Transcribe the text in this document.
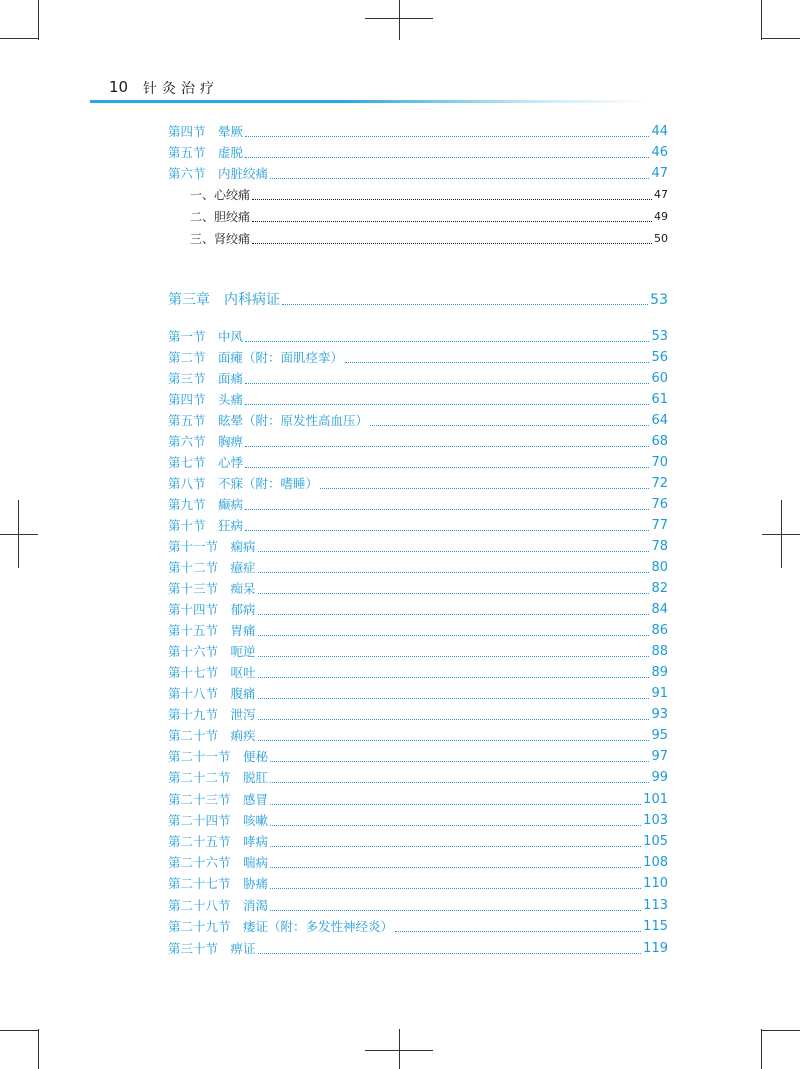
10 针灸治疗
第四节　晕厥	44
第五节　虚脱	46
第六节　内脏绞痛	47
一、心绞痛	47
二、胆绞痛	49
三、肾绞痛	50
第三章　内科病证	53
第一节　中风	53
第二节　面瘫（附：面肌痉挛）	56
第三节　面痛	60
第四节　头痛	61
第五节　眩晕（附：原发性高血压）	64
第六节　胸痹	68
第七节　心悸	70
第八节　不寐（附：嗜睡）	72
第九节　癫病	76
第十节　狂病	77
第十一节　痫病	78
第十二节　癔症	80
第十三节　痴呆	82
第十四节　郁病	84
第十五节　胃痛	86
第十六节　呃逆	88
第十七节　呕吐	89
第十八节　腹痛	91
第十九节　泄泻	93
第二十节　痢疾	95
第二十一节　便秘	97
第二十二节　脱肛	99
第二十三节　感冒	101
第二十四节　咳嗽	103
第二十五节　哮病	105
第二十六节　喘病	108
第二十七节　胁痛	110
第二十八节　消渴	113
第二十九节　痿证（附：多发性神经炎）	115
第三十节　痹证	119
